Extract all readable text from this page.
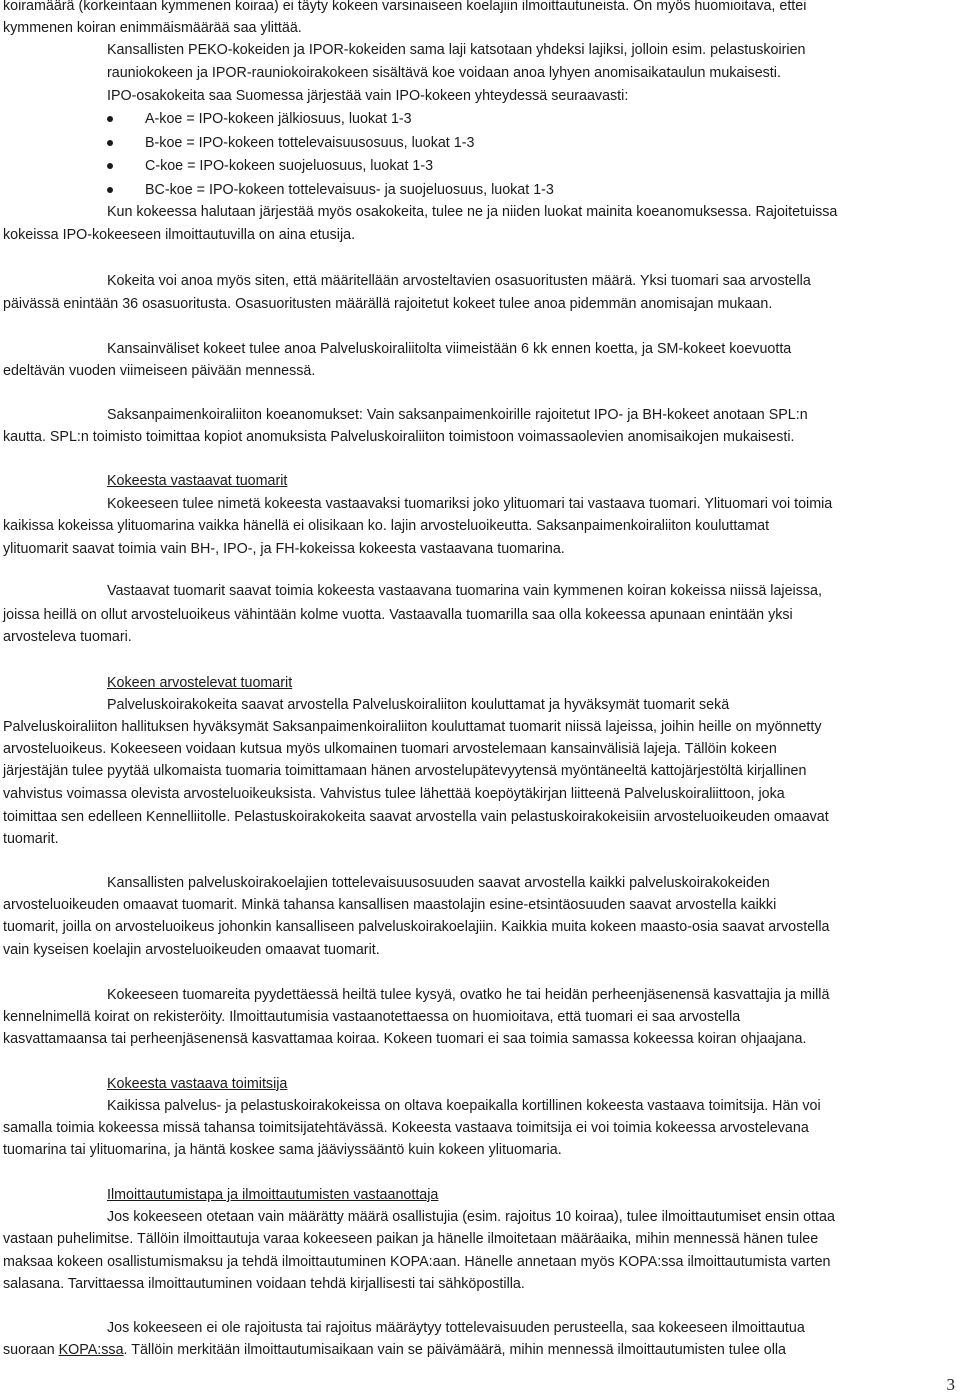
koiramäärä (korkeintaan kymmenen koiraa) ei täyty kokeen varsinaiseen koelajiin ilmoittautuneista. On myös huomioitava, ettei
kymmenen koiran enimmäismäärää saa ylittää.
Kansallisten PEKO-kokeiden ja IPOR-kokeiden sama laji katsotaan yhdeksi lajiksi, jolloin esim. pelastuskoirien
rauniokokeen ja IPOR-rauniokoirakokeen sisältävä koe voidaan anoa lyhyen anomisaikataulun mukaisesti.
IPO-osakokeita saa Suomessa järjestää vain IPO-kokeen yhteydessä seuraavasti:
A-koe = IPO-kokeen jälkiosuus, luokat 1-3
B-koe = IPO-kokeen tottelevaisuusosuus, luokat 1-3
C-koe = IPO-kokeen suojeluosuus, luokat 1-3
BC-koe = IPO-kokeen tottelevaisuus- ja suojeluosuus, luokat 1-3
Kun kokeessa halutaan järjestää myös osakokeita, tulee ne ja niiden luokat mainita koeanomuksessa. Rajoitetuissa
kokeissa IPO-kokeeseen ilmoittautuvilla on aina etusija.
Kokeita voi anoa myös siten, että määritellään arvosteltavien osasuoritusten määrä. Yksi tuomari saa arvostella
päivässä enintään 36 osasuoritusta. Osasuoritusten määrällä rajoitetut kokeet tulee anoa pidemmän anomisajan mukaan.
Kansainväliset kokeet tulee anoa Palveluskoiraliitolta viimeistään 6 kk ennen koetta, ja SM-kokeet koevuotta
edeltävän vuoden viimeiseen päivään mennessä.
Saksanpaimenkoiraliiton koeanomukset: Vain saksanpaimenkoirille rajoitetut IPO- ja BH-kokeet anotaan SPL:n
kautta. SPL:n toimisto toimittaa kopiot anomuksista Palveluskoiraliiton toimistoon voimassaolevien anomisaikojen mukaisesti.
Kokeesta vastaavat tuomarit
Kokeeseen tulee nimetä kokeesta vastaavaksi tuomariksi joko ylituomari tai vastaava tuomari. Ylituomari voi toimia
kaikissa kokeissa ylituomarina vaikka hänellä ei olisikaan ko. lajin arvosteluoikeutta. Saksanpaimenkoiraliiton kouluttamat
ylituomarit saavat toimia vain BH-, IPO-, ja FH-kokeissa kokeesta vastaavana tuomarina.
Vastaavat tuomarit saavat toimia kokeesta vastaavana tuomarina vain kymmenen koiran kokeissa niissä lajeissa,
joissa heillä on ollut arvosteluoikeus vähintään kolme vuotta. Vastaavalla tuomarilla saa olla kokeessa apunaan enintään yksi
arvosteleva tuomari.
Kokeen arvostelevat tuomarit
Palveluskoirakokeita saavat arvostella Palveluskoiraliiton kouluttamat ja hyväksymät tuomarit sekä
Palveluskoiraliiton hallituksen hyväksymät Saksanpaimenkoiraliiton kouluttamat tuomarit niissä lajeissa, joihin heille on myönnetty
arvosteluoikeus. Kokeeseen voidaan kutsua myös ulkomainen tuomari arvostelemaan kansainvälisiä lajeja. Tällöin kokeen
järjestäjän tulee pyytää ulkomaista tuomaria toimittamaan hänen arvostelupätevyytensä myöntäneeltä kattojärjestöltä kirjallinen
vahvistus voimassa olevista arvosteluoikeuksista. Vahvistus tulee lähettää koepöytäkirjan liitteenä Palveluskoiraliittoon, joka
toimittaa sen edelleen Kennelliitolle. Pelastuskoirakokeita saavat arvostella vain pelastuskoirakokeisiin arvosteluoikeuden omaavat
tuomarit.
Kansallisten palveluskoirakoelajien tottelevaisuusosuuden saavat arvostella kaikki palveluskoirakokeiden
arvosteluoikeuden omaavat tuomarit. Minkä tahansa kansallisen maastolajin esine-etsintäosuuden saavat arvostella kaikki
tuomarit, joilla on arvosteluoikeus johonkin kansalliseen palveluskoirakoelajiin. Kaikkia muita kokeen maasto-osia saavat arvostella
vain kyseisen koelajin arvosteluoikeuden omaavat tuomarit.
Kokeeseen tuomareita pyydettäessä heiltä tulee kysyä, ovatko he tai heidän perheenjäsenensä kasvattajia ja millä
kennelnimellä koirat on rekisteröity. Ilmoittautumisia vastaanotettaessa on huomioitava, että tuomari ei saa arvostella
kasvattamaansa tai perheenjäsenensä kasvattamaa koiraa. Kokeen tuomari ei saa toimia samassa kokeessa koiran ohjaajana.
Kokeesta vastaava toimitsija
Kaikissa palvelus- ja pelastuskoirakokeissa on oltava koepaikalla kortillinen kokeesta vastaava toimitsija. Hän voi
samalla toimia kokeessa missä tahansa toimitsijatehtävässä. Kokeesta vastaava toimitsija ei voi toimia kokeessa arvostelevana
tuomarina tai ylituomarina, ja häntä koskee sama jääviyssääntö kuin kokeen ylituomaria.
Ilmoittautumistapa ja ilmoittautumisten vastaanottaja
Jos kokeeseen otetaan vain määrätty määrä osallistujia (esim. rajoitus 10 koiraa), tulee ilmoittautumiset ensin ottaa
vastaan puhelimitse. Tällöin ilmoittautuja varaa kokeeseen paikan ja hänelle ilmoitetaan määräaika, mihin mennessä hänen tulee
maksaa kokeen osallistumismaksu ja tehdä ilmoittautuminen KOPA:aan. Hänelle annetaan myös KOPA:ssa ilmoittautumista varten
salasana. Tarvittaessa ilmoittautuminen voidaan tehdä kirjallisesti tai sähköpostilla.
Jos kokeeseen ei ole rajoitusta tai rajoitus määräytyy tottelevaisuuden perusteella, saa kokeeseen ilmoittautua
suoraan KOPA:ssa. Tällöin merkitään ilmoittautumisaikaan vain se päivämäärä, mihin mennessä ilmoittautumisten tulee olla
3
